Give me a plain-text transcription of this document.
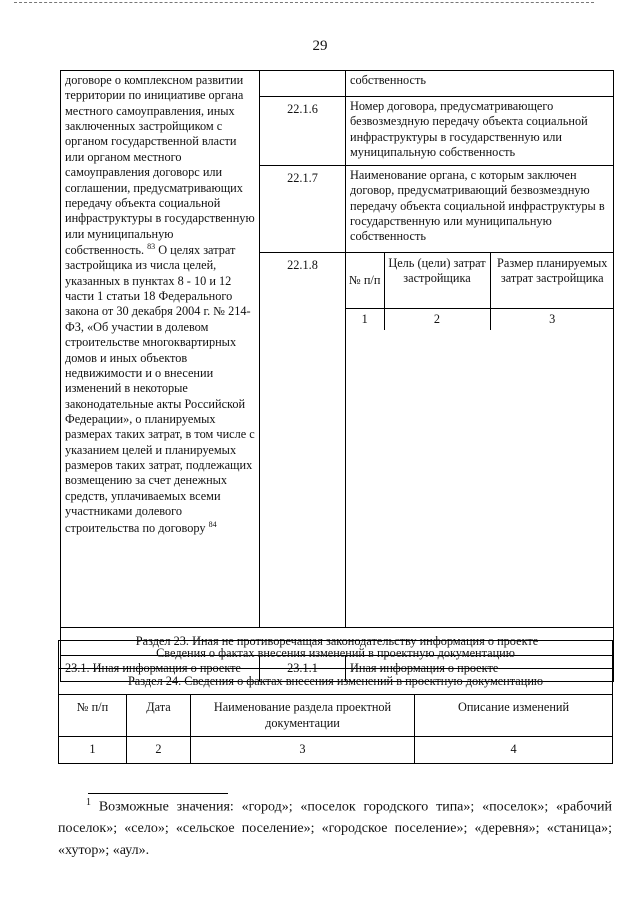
29
договоре о комплексном развитии территории по инициативе органа местного самоуправления, иных заключенных застройщиком с органом государственной власти или органом местного самоуправления договорс или соглашении, предусматривающих передачу объекта социальной инфраструктуры в государственную или муниципальную собственность. $^{83}$ О целях затрат застройщика из числа целей, указанных в пунктах 8 - 10 и 12 части 1 статьи 18 Федерального закона от 30 декабря 2004 г. № 214-ФЗ, «Об участии в долевом строительстве многоквартирных домов и иных объектов недвижимости и о внесении изменений в некоторые законодательные акты Российской Федерации», о планируемых размерах таких затрат, в том числе с указанием целей и планируемых размеров таких затрат, подлежащих возмещению за счет денежных средств, уплачиваемых всеми участниками долевого строительства по договору $^{84}$		собственность
22.1.6	Номер договора, предусматривающего безвозмездную передачу объекта социальной инфраструктуры в государственную или муниципальную собственность
22.1.7	Наименование органа, с которым заключен договор, предусматривающий безвозмездную передачу объекта социальной инфраструктуры в государственную или муниципальную собственность
22.1.8	
№ п/п	Цель (цели) затрат застройщика	Размер планируемых затрат застройщика
1	2	3

Раздел 23. Иная не противоречащая законодательству информация о проекте
23.1. Иная информация о проекте	23.1.1	Иная информация о проекте
Сведения о фактах внесения изменений в проектную документацию			
Раздел 24. Сведения о фактах внесения изменений в проектную документацию			
№ п/п	Дата	Наименование раздела проектной документации	Описание изменений
1	2	3	4
$^1$ Возможные значения: «город»; «поселок городского типа»; «поселок»; «рабочий поселок»; «село»; «сельское поселение»; «городское поселение»; «деревня»; «станица»; «хутор»; «аул».
